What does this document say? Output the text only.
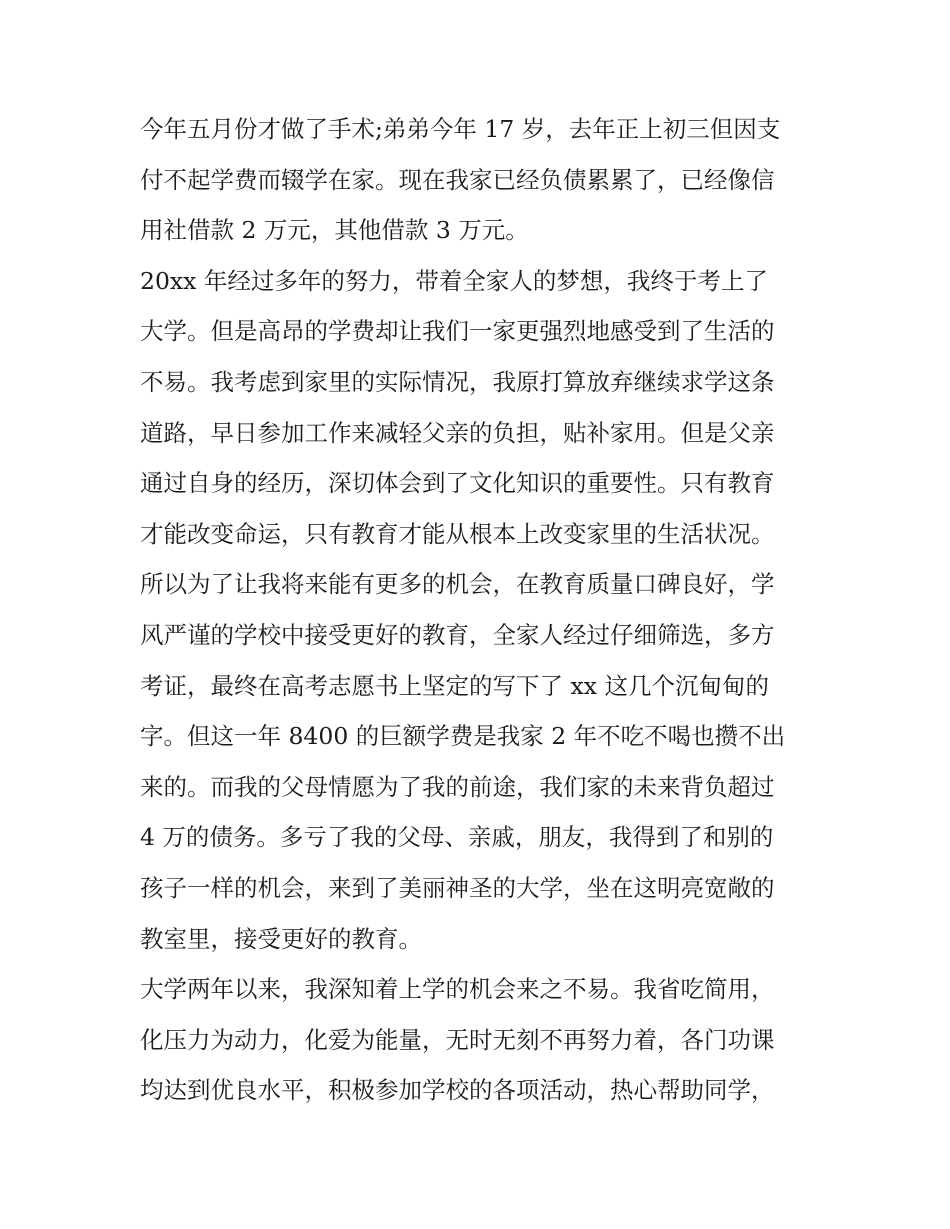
今年五月份才做了手术;弟弟今年 17 岁，去年正上初三但因支
付不起学费而辍学在家。现在我家已经负债累累了，已经像信
用社借款 2 万元，其他借款 3 万元。
20xx 年经过多年的努力，带着全家人的梦想，我终于考上了
大学。但是高昂的学费却让我们一家更强烈地感受到了生活的
不易。我考虑到家里的实际情况，我原打算放弃继续求学这条
道路，早日参加工作来减轻父亲的负担，贴补家用。但是父亲
通过自身的经历，深切体会到了文化知识的重要性。只有教育
才能改变命运，只有教育才能从根本上改变家里的生活状况。
所以为了让我将来能有更多的机会，在教育质量口碑良好，学
风严谨的学校中接受更好的教育，全家人经过仔细筛选，多方
考证，最终在高考志愿书上坚定的写下了 xx 这几个沉甸甸的
字。但这一年 8400 的巨额学费是我家 2 年不吃不喝也攒不出
来的。而我的父母情愿为了我的前途，我们家的未来背负超过
4 万的债务。多亏了我的父母、亲戚，朋友，我得到了和别的
孩子一样的机会，来到了美丽神圣的大学，坐在这明亮宽敞的
教室里，接受更好的教育。
大学两年以来，我深知着上学的机会来之不易。我省吃简用，
化压力为动力，化爱为能量，无时无刻不再努力着，各门功课
均达到优良水平，积极参加学校的各项活动，热心帮助同学，
